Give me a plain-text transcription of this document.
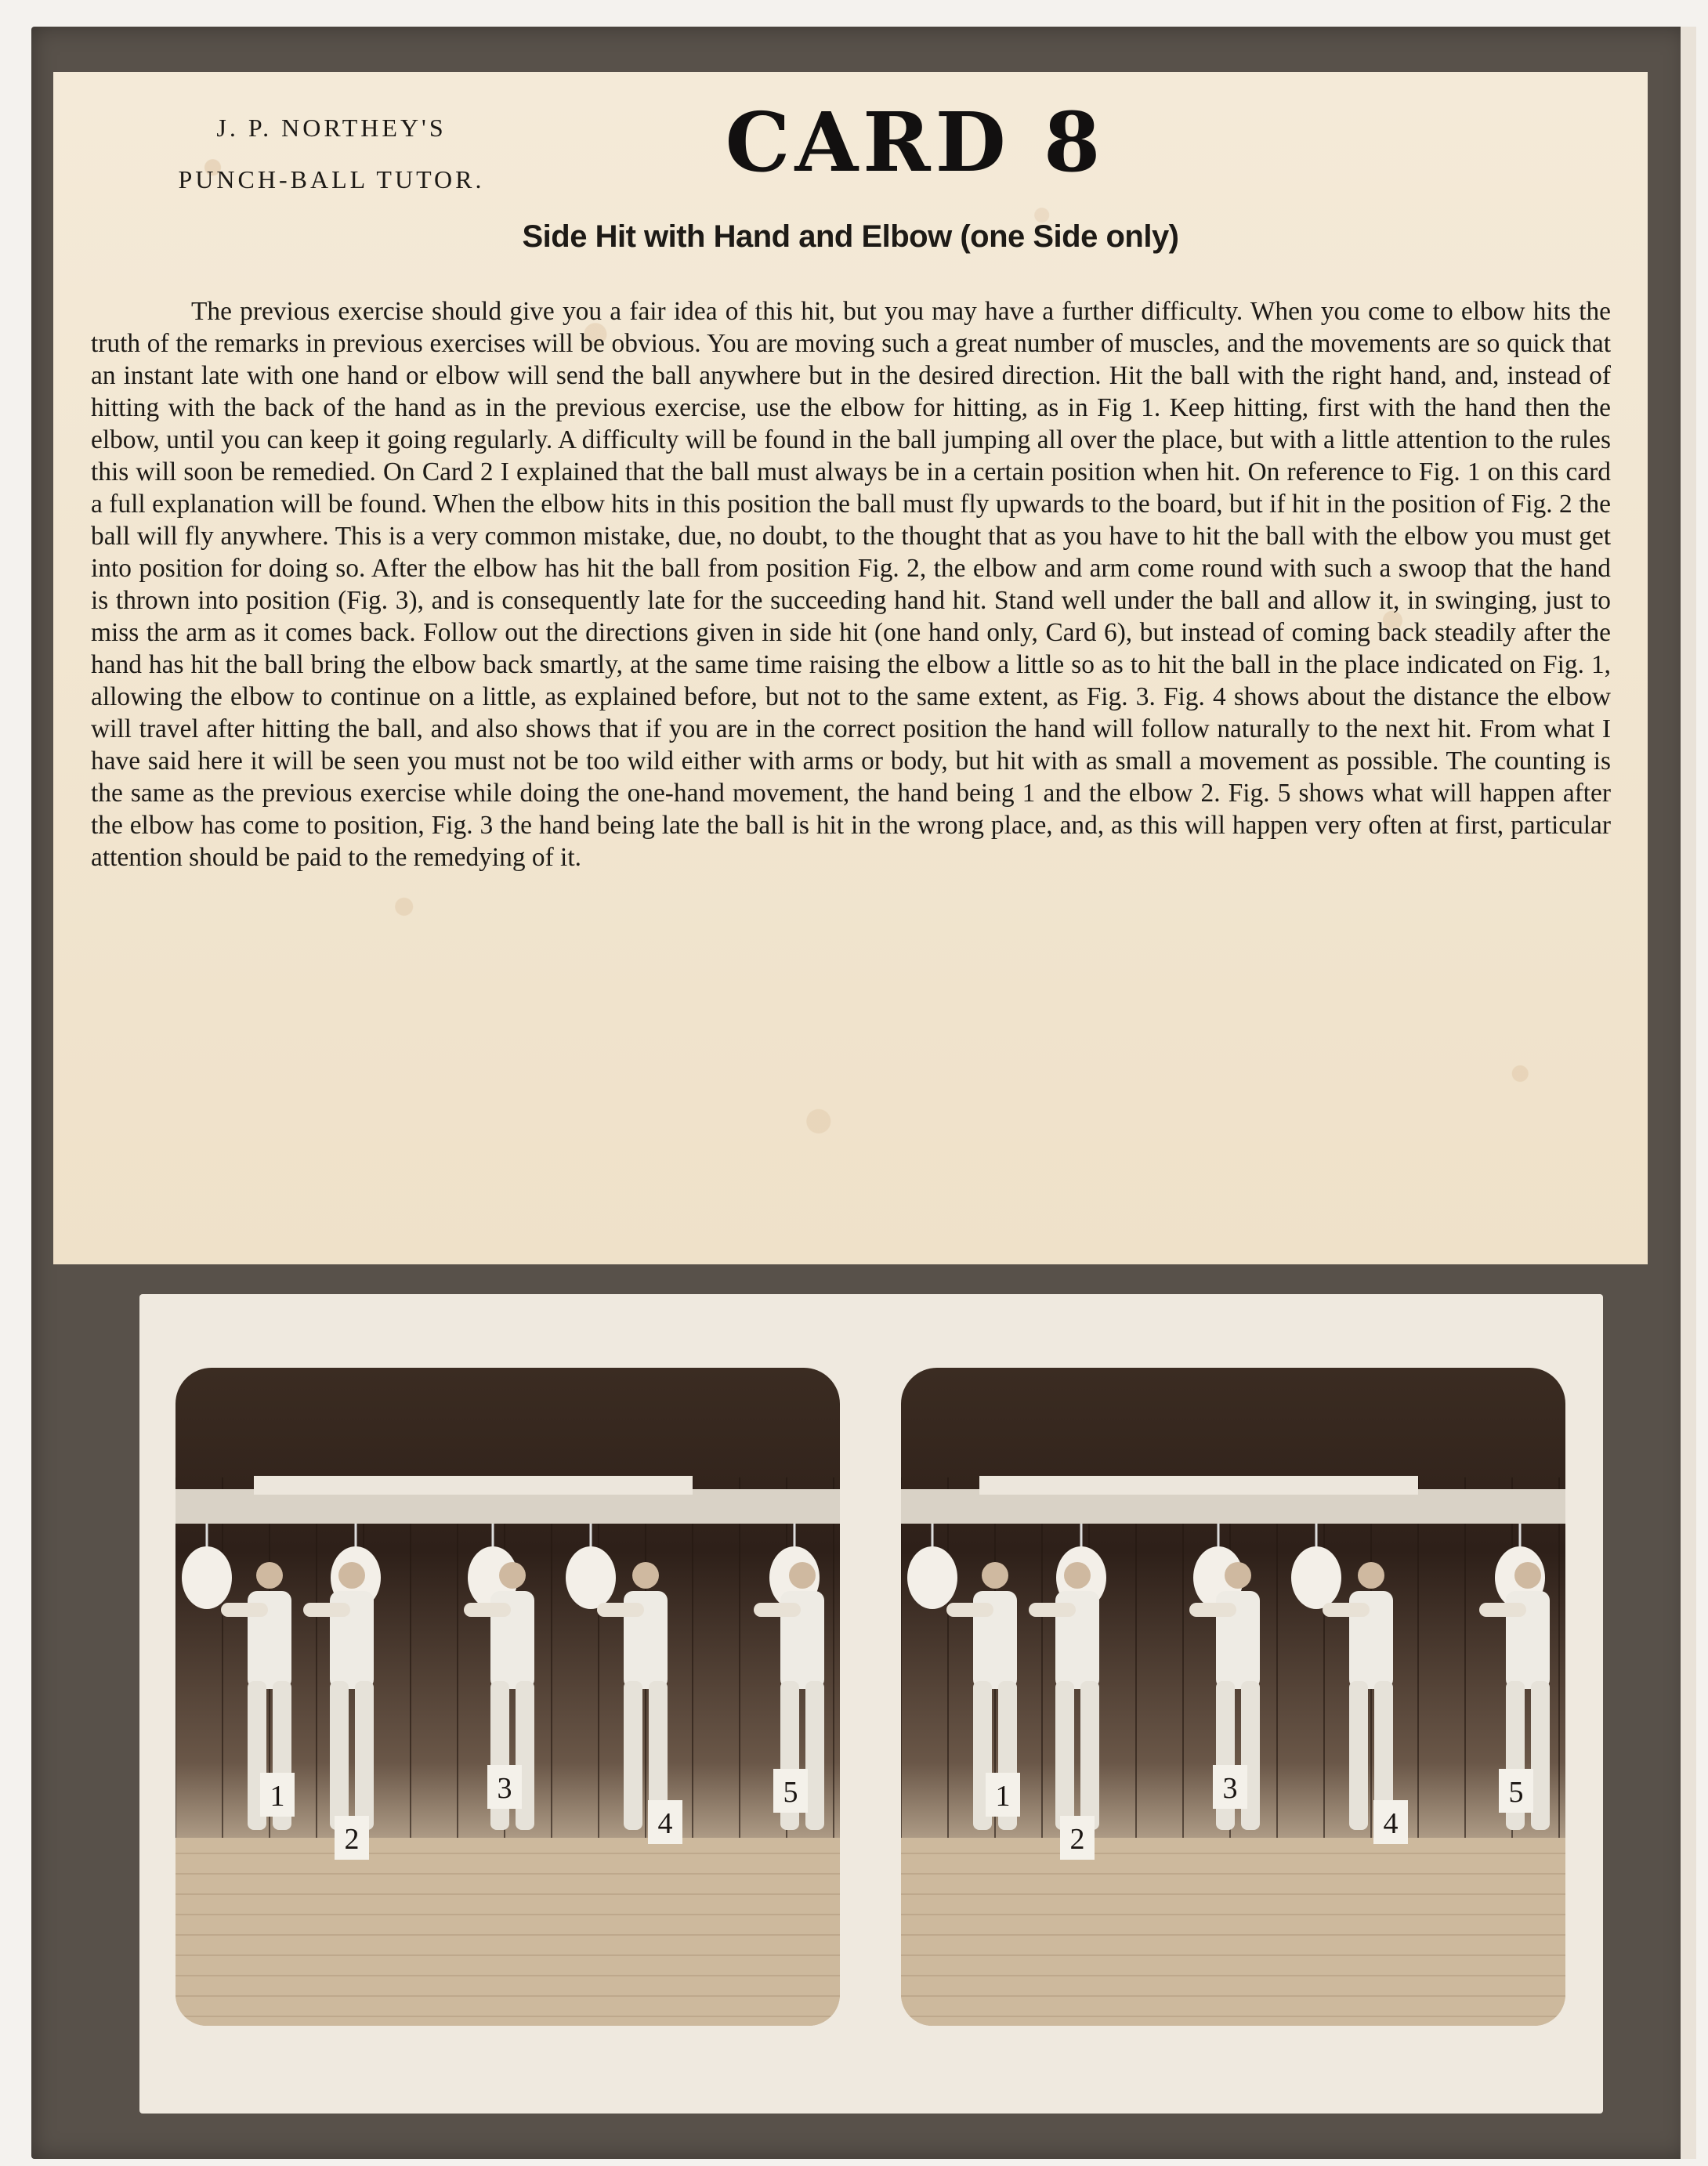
J. P. NORTHEY'S
PUNCH-BALL TUTOR.	CARD 8
Side Hit with Hand and Elbow (one Side only)

The previous exercise should give you a fair idea of this hit, but you may have a further difficulty. When you come to elbow hits the truth of the remarks in previous exercises will be obvious. You are moving such a great number of muscles, and the movements are so quick that an instant late with one hand or elbow will send the ball anywhere but in the desired direction. Hit the ball with the right hand, and, instead of hitting with the back of the hand as in the previous exercise, use the elbow for hitting, as in Fig 1. Keep hitting, first with the hand then the elbow, until you can keep it going regularly. A difficulty will be found in the ball jumping all over the place, but with a little attention to the rules this will soon be remedied. On Card 2 I explained that the ball must always be in a certain position when hit. On reference to Fig. 1 on this card a full explanation will be found. When the elbow hits in this position the ball must fly upwards to the board, but if hit in the position of Fig. 2 the ball will fly anywhere. This is a very common mistake, due, no doubt, to the thought that as you have to hit the ball with the elbow you must get into position for doing so. After the elbow has hit the ball from position Fig. 2, the elbow and arm come round with such a swoop that the hand is thrown into position (Fig. 3), and is consequently late for the succeeding hand hit. Stand well under the ball and allow it, in swinging, just to miss the arm as it comes back. Follow out the directions given in side hit (one hand only, Card 6), but instead of coming back steadily after the hand has hit the ball bring the elbow back smartly, at the same time raising the elbow a little so as to hit the ball in the place indicated on Fig. 1, allowing the elbow to continue on a little, as explained before, but not to the same extent, as Fig. 3. Fig. 4 shows about the distance the elbow will travel after hitting the ball, and also shows that if you are in the correct position the hand will follow naturally to the next hit. From what I have said here it will be seen you must not be too wild either with arms or body, but hit with as small a movement as possible. The counting is the same as the previous exercise while doing the one-hand movement, the hand being 1 and the elbow 2. Fig. 5 shows what will happen after the elbow has come to position, Fig. 3 the hand being late the ball is hit in the wrong place, and, as this will happen very often at first, particular attention should be paid to the remedying of it.

1
2
3
4
5	1
2
3
4
5
